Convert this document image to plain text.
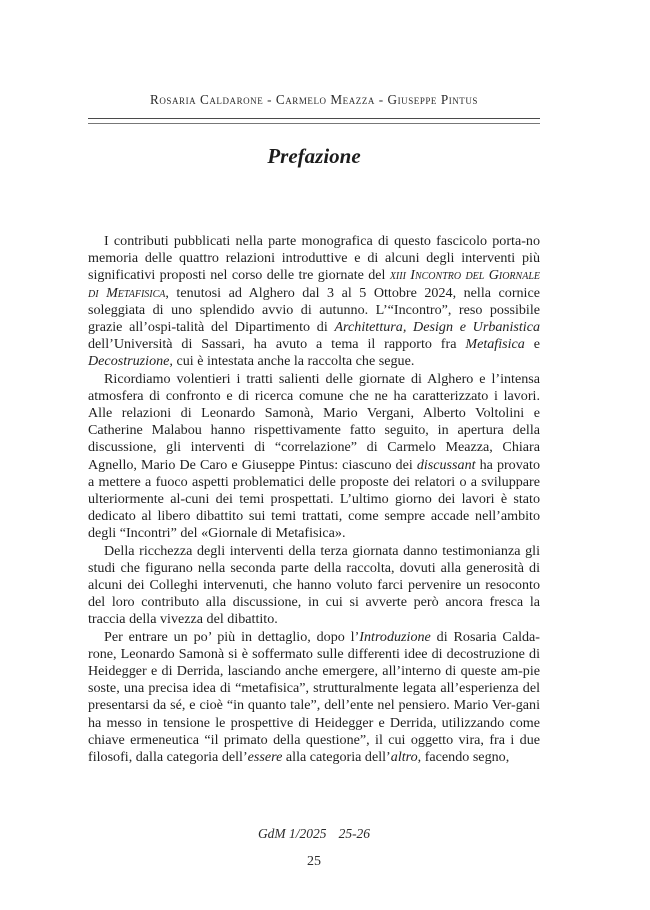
Rosaria Caldarone - Carmelo Meazza - Giuseppe Pintus
Prefazione

I contributi pubblicati nella parte monografica di questo fascicolo porta-no memoria delle quattro relazioni introduttive e di alcuni degli interventi più significativi proposti nel corso delle tre giornate del xiii Incontro del Giornale di Metafisica, tenutosi ad Alghero dal 3 al 5 Ottobre 2024, nella cornice soleggiata di uno splendido avvio di autunno. L’“Incontro”, reso possibile grazie all’ospi-talità del Dipartimento di Architettura, Design e Urbanistica dell’Università di Sassari, ha avuto a tema il rapporto fra Metafisica e Decostruzione, cui è intestata anche la raccolta che segue.

Ricordiamo volentieri i tratti salienti delle giornate di Alghero e l’intensa atmosfera di confronto e di ricerca comune che ne ha caratterizzato i lavori. Alle relazioni di Leonardo Samonà, Mario Vergani, Alberto Voltolini e Catherine Malabou hanno rispettivamente fatto seguito, in apertura della discussione, gli interventi di “correlazione” di Carmelo Meazza, Chiara Agnello, Mario De Caro e Giuseppe Pintus: ciascuno dei discussant ha provato a mettere a fuoco aspetti problematici delle proposte dei relatori o a sviluppare ulteriormente al-cuni dei temi prospettati. L’ultimo giorno dei lavori è stato dedicato al libero dibattito sui temi trattati, come sempre accade nell’ambito degli “Incontri” del «Giornale di Metafisica».

Della ricchezza degli interventi della terza giornata danno testimonianza gli studi che figurano nella seconda parte della raccolta, dovuti alla generosità di alcuni dei Colleghi intervenuti, che hanno voluto farci pervenire un resoconto del loro contributo alla discussione, in cui si avverte però ancora fresca la traccia della vivezza del dibattito.

Per entrare un po’ più in dettaglio, dopo l’Introduzione di Rosaria Calda-rone, Leonardo Samonà si è soffermato sulle differenti idee di decostruzione di Heidegger e di Derrida, lasciando anche emergere, all’interno di queste am-pie soste, una precisa idea di “metafisica”, strutturalmente legata all’esperienza del presentarsi da sé, e cioè “in quanto tale”, dell’ente nel pensiero. Mario Ver-gani ha messo in tensione le prospettive di Heidegger e Derrida, utilizzando come chiave ermeneutica “il primato della questione”, il cui oggetto vira, fra i due filosofi, dalla categoria dell’essere alla categoria dell’altro, facendo segno,

GdM 1/2025 25-26
25
